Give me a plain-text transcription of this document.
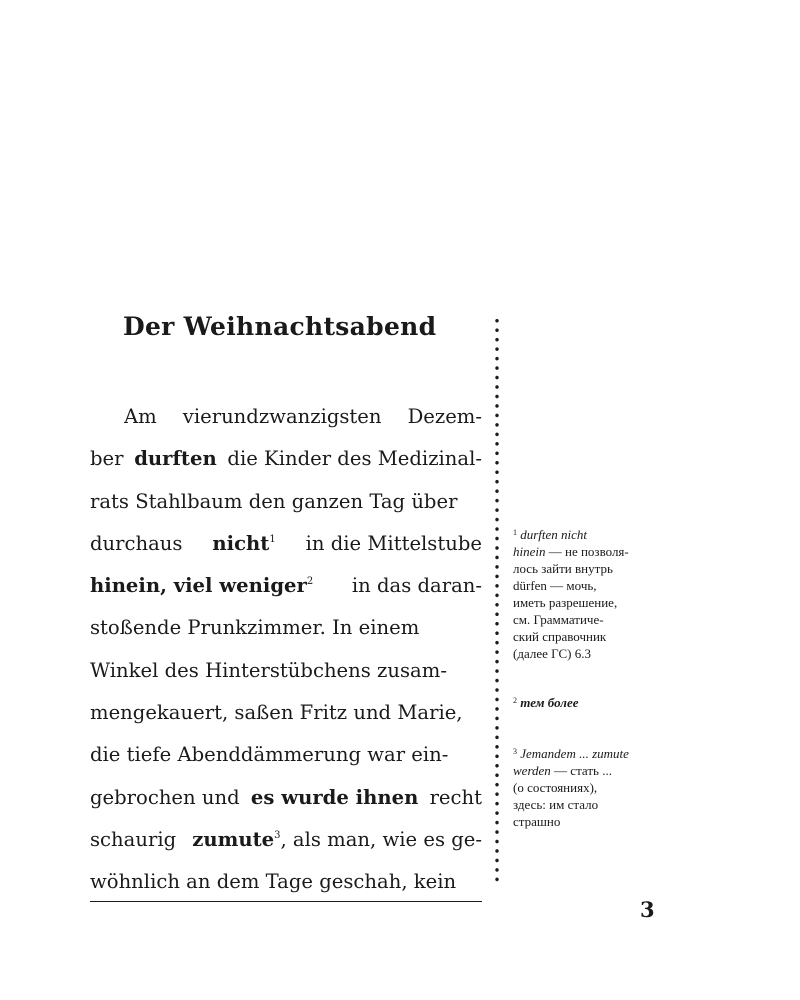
Der Weihnachtsabend
Am vierundzwanzigsten Dezem-
ber durften die Kinder des Medizinal-
rats Stahlbaum den ganzen Tag über
durchaus nicht$^1$ in die Mittelstube
hinein, viel weniger$^2$ in das daran-
stoßende Prunkzimmer. In einem
Winkel des Hinterstübchens zusam-
mengekauert, saßen Fritz und Marie,
die tiefe Abenddämmerung war ein-
gebrochen und es wurde ihnen recht
schaurig zumute$^3$, als man, wie es ge-
wöhnlich an dem Tage geschah, kein
3
$^1$ durften nicht
hinein — не позволя-
лось зайти внутрь
dürfen — мочь,
иметь разрешение,
см. Грамматиче-
ский справочник
(далее ГС) 6.3
$^2$ тем более
$^3$ Jemandem ... zumute
werden — стать ...
(о состояниях),
здесь: им стало
страшно
